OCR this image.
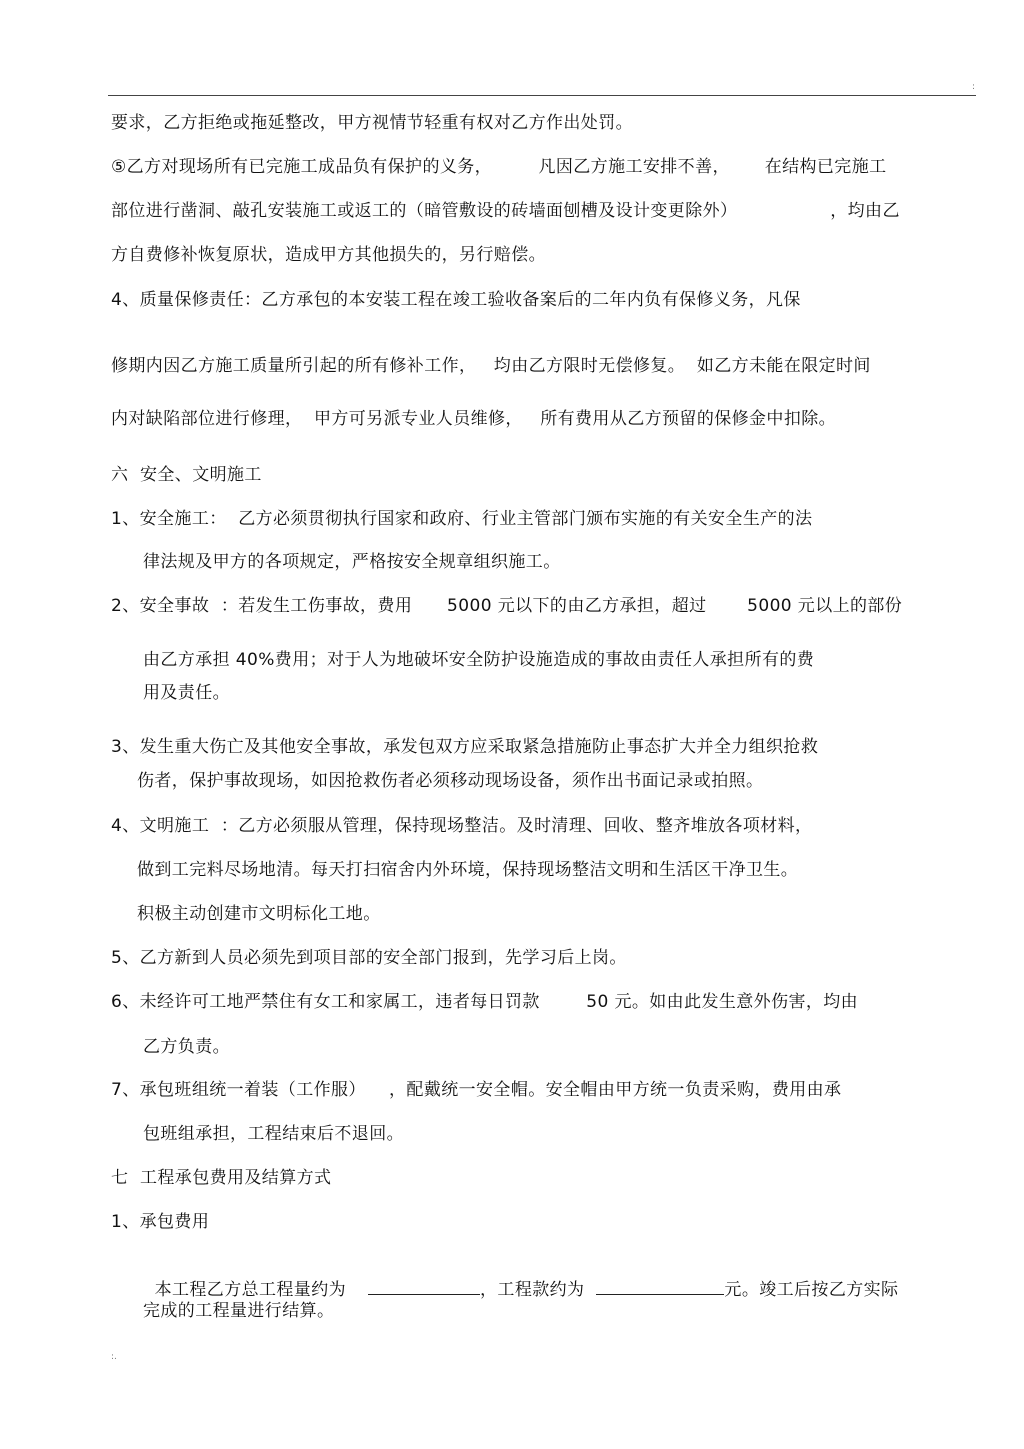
:
要求，乙方拒绝或拖延整改，甲方视情节轻重有权对乙方作出处罚。
⑤乙方对现场所有已完施工成品负有保护的义务，        凡因乙方施工安排不善，      在结构已完施工
部位进行凿洞、敲孔安装施工或返工的（暗管敷设的砖墙面刨槽及设计变更除外）                ，均由乙
方自费修补恢复原状，造成甲方其他损失的，另行赔偿。
4、质量保修责任：乙方承包的本安装工程在竣工验收备案后的二年内负有保修义务，凡保
修期内因乙方施工质量所引起的所有修补工作，   均由乙方限时无偿修复。  如乙方未能在限定时间
内对缺陷部位进行修理，  甲方可另派专业人员维修，   所有费用从乙方预留的保修金中扣除。
六  安全、文明施工
1、安全施工：  乙方必须贯彻执行国家和政府、行业主管部门颁布实施的有关安全生产的法
律法规及甲方的各项规定，严格按安全规章组织施工。
2、安全事故  ：若发生工伤事故，费用      5000 元以下的由乙方承担，超过       5000 元以上的部份
由乙方承担 40%费用；对于人为地破坏安全防护设施造成的事故由责任人承担所有的费
用及责任。
3、发生重大伤亡及其他安全事故，承发包双方应采取紧急措施防止事态扩大并全力组织抢救
伤者，保护事故现场，如因抢救伤者必须移动现场设备，须作出书面记录或拍照。
4、文明施工  ：乙方必须服从管理，保持现场整洁。及时清理、回收、整齐堆放各项材料，
做到工完料尽场地清。每天打扫宿舍内外环境，保持现场整洁文明和生活区干净卫生。
积极主动创建市文明标化工地。
5、乙方新到人员必须先到项目部的安全部门报到，先学习后上岗。
6、未经许可工地严禁住有女工和家属工，违者每日罚款        50 元。如由此发生意外伤害，均由
乙方负责。
7、承包班组统一着装（工作服）    ，配戴统一安全帽。安全帽由甲方统一负责采购，费用由承
包班组承担，工程结束后不退回。
七  工程承包费用及结算方式
1、承包费用

本工程乙方总工程量约为	，工程款约为	元。竣工后按乙方实际

完成的工程量进行结算。
:.
